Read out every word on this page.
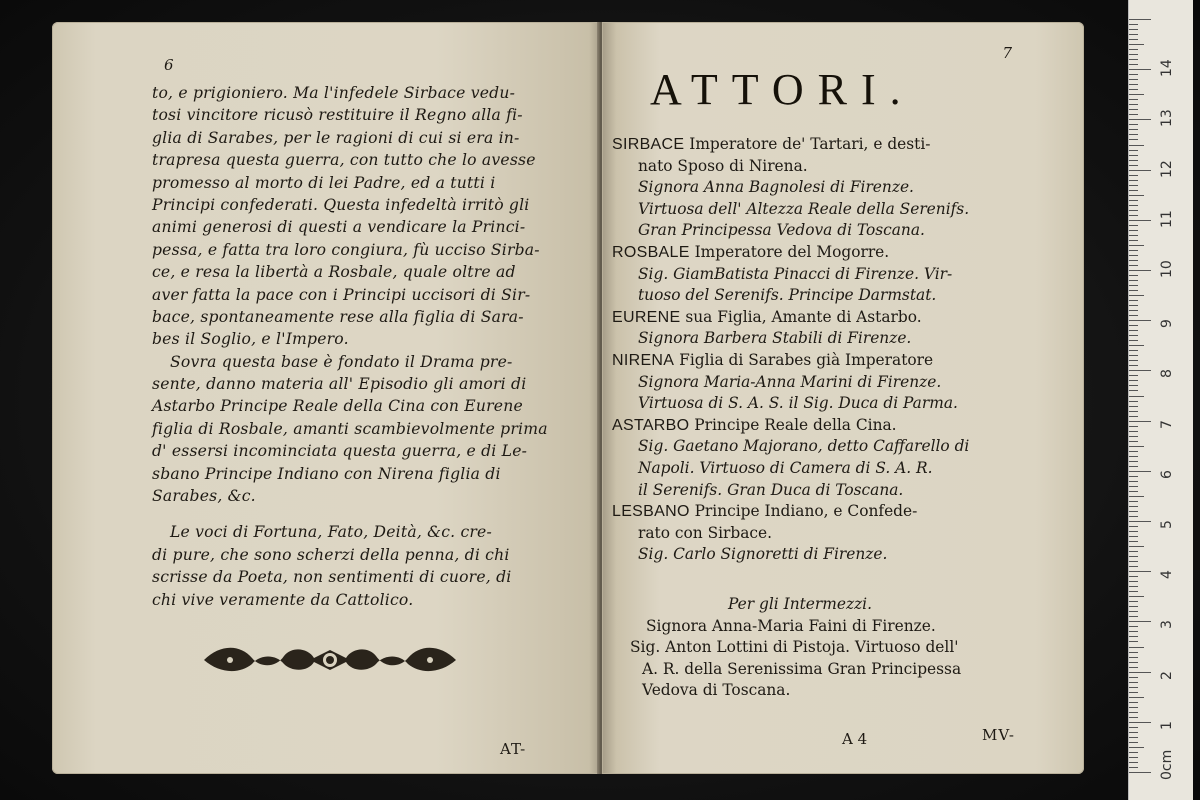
6
to, e prigioniero. Ma l'infedele Sirbace vedu-
tosi vincitore ricusò restituire il Regno alla fi-
glia di Sarabes, per le ragioni di cui si era in-
trapresa questa guerra, con tutto che lo avesse
promesso al morto di lei Padre, ed a tutti i
Principi confederati. Questa infedeltà irritò gli
animi generosi di questi a vendicare la Princi-
pessa, e fatta tra loro congiura, fù ucciso Sirba-
ce, e resa la libertà a Rosbale, quale oltre ad
aver fatta la pace con i Principi uccisori di Sir-
bace, spontaneamente rese alla figlia di Sara-
bes il Soglio, e l'Impero.
Sovra questa base è fondato il Drama pre-
sente, danno materia all' Episodio gli amori di
Astarbo Principe Reale della Cina con Eurene
figlia di Rosbale, amanti scambievolmente prima
d' essersi incominciata questa guerra, e di Le-
sbano Principe Indiano con Nirena figlia di
Sarabes, &c.
Le voci di Fortuna, Fato, Deità, &c. cre-
di pure, che sono scherzi della penna, di chi
scrisse da Poeta, non sentimenti di cuore, di
chi vive veramente da Cattolico.
AT-
7
ATTORI.
SIRBACE Imperatore de' Tartari, e desti-
nato Sposo di Nirena.
Signora Anna Bagnolesi di Firenze.
Virtuosa dell' Altezza Reale della Serenifs.
Gran Principessa Vedova di Toscana.
ROSBALE Imperatore del Mogorre.
Sig. GiamBatista Pinacci di Firenze. Vir-
tuoso del Serenifs. Principe Darmstat.
EURENE sua Figlia, Amante di Astarbo.
Signora Barbera Stabili di Firenze.
NIRENA Figlia di Sarabes già Imperatore
Signora Maria-Anna Marini di Firenze.
Virtuosa di S. A. S. il Sig. Duca di Parma.
ASTARBO Principe Reale della Cina.
Sig. Gaetano Majorano, detto Caffarello di
Napoli. Virtuoso di Camera di S. A. R.
il Serenifs. Gran Duca di Toscana.
LESBANO Principe Indiano, e Confede-
rato con Sirbace.
Sig. Carlo Signoretti di Firenze.
Per gli Intermezzi.
Signora Anna-Maria Faini di Firenze.
Sig. Anton Lottini di Pistoja. Virtuoso dell'
A. R. della Serenissima Gran Principessa
Vedova di Toscana.
A 4	MV-
0cm
1
2
3
4
5
6
7
8
9
10
11
12
13
14
